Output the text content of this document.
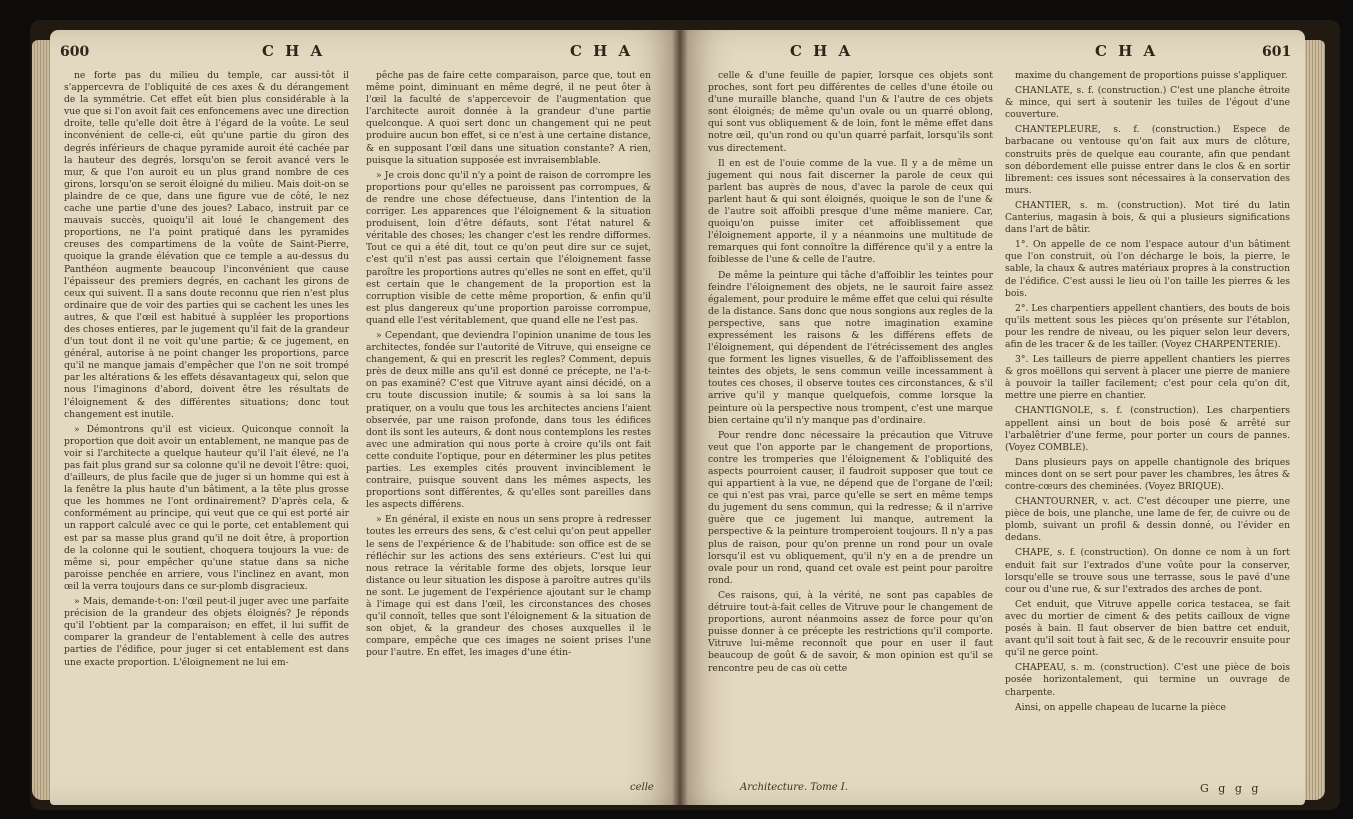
600	C H A	C H A

ne forte pas du milieu du temple, car aussi-tôt il s'appercevra de l'obliquité de ces axes & du dérangement de la symmétrie. Cet effet eût bien plus considérable à la vue que si l'on avoit fait ces enfoncemens avec une direction droite, telle qu'elle doit être à l'égard de la voûte. Le seul inconvénient de celle-ci, eût qu'une partie du giron des degrés inférieurs de chaque pyramide auroit été cachée par la hauteur des degrés, lorsqu'on se feroit avancé vers le mur, & que l'on auroit eu un plus grand nombre de ces girons, lorsqu'on se seroit éloigné du milieu. Mais doit-on se plaindre de ce que, dans une figure vue de côté, le nez cache une partie d'une des joues? Labaco, instruit par ce mauvais succès, quoiqu'il ait loué le changement des proportions, ne l'a point pratiqué dans les pyramides creuses des compartimens de la voûte de Saint-Pierre, quoique la grande élévation que ce temple a au-dessus du Panthéon augmente beaucoup l'inconvénient que cause l'épaisseur des premiers degrés, en cachant les girons de ceux qui suivent. Il a sans doute reconnu que rien n'est plus ordinaire que de voir des parties qui se cachent les unes les autres, & que l'œil est habitué à suppléer les proportions des choses entieres, par le jugement qu'il fait de la grandeur d'un tout dont il ne voit qu'une partie; & ce jugement, en général, autorise à ne point changer les proportions, parce qu'il ne manque jamais d'empêcher que l'on ne soit trompé par les altérations & les effets désavantageux qui, selon que nous l'imaginons d'abord, doivent être les résultats de l'éloignement & des différentes situations; donc tout changement est inutile.

» Démontrons qu'il est vicieux. Quiconque connoît la proportion que doit avoir un entablement, ne manque pas de voir si l'architecte a quelque hauteur qu'il l'ait élevé, ne l'a pas fait plus grand sur sa colonne qu'il ne devoit l'être: quoi, d'ailleurs, de plus facile que de juger si un homme qui est à la fenêtre la plus haute d'un bâtiment, a la tête plus grosse que les hommes ne l'ont ordinairement? D'après cela, & conformément au principe, qui veut que ce qui est porté air un rapport calculé avec ce qui le porte, cet entablement qui est par sa masse plus grand qu'il ne doit être, à proportion de la colonne qui le soutient, choquera toujours la vue: de même si, pour empêcher qu'une statue dans sa niche paroisse penchée en arriere, vous l'inclinez en avant, mon œil la verra toujours dans ce sur-plomb disgracieux.

» Mais, demande-t-on: l'œil peut-il juger avec une parfaite précision de la grandeur des objets éloignés? Je réponds qu'il l'obtient par la comparaison; en effet, il lui suffit de comparer la grandeur de l'entablement à celle des autres parties de l'édifice, pour juger si cet entablement est dans une exacte proportion. L'éloignement ne lui em-

pêche pas de faire cette comparaison, parce que, tout en même point, diminuant en même degré, il ne peut ôter à l'œil la faculté de s'appercevoir de l'augmentation que l'architecte auroit donnée à la grandeur d'une partie quelconque. A quoi sert donc un changement qui ne peut produire aucun bon effet, si ce n'est à une certaine distance, & en supposant l'œil dans une situation constante? A rien, puisque la situation supposée est invraisemblable.

» Je crois donc qu'il n'y a point de raison de corrompre les proportions pour qu'elles ne paroissent pas corrompues, & de rendre une chose défectueuse, dans l'intention de la corriger. Les apparences que l'éloignement & la situation produisent, loin d'être défauts, sont l'état naturel & véritable des choses; les changer c'est les rendre difformes. Tout ce qui a été dit, tout ce qu'on peut dire sur ce sujet, c'est qu'il n'est pas aussi certain que l'éloignement fasse paroître les proportions autres qu'elles ne sont en effet, qu'il est certain que le changement de la proportion est la corruption visible de cette même proportion, & enfin qu'il est plus dangereux qu'une proportion paroisse corrompue, quand elle l'est véritablement, que quand elle ne l'est pas.

» Cependant, que deviendra l'opinion unanime de tous les architectes, fondée sur l'autorité de Vitruve, qui enseigne ce changement, & qui en prescrit les regles? Comment, depuis près de deux mille ans qu'il est donné ce précepte, ne l'a-t-on pas examiné? C'est que Vitruve ayant ainsi décidé, on a cru toute discussion inutile; & soumis à sa loi sans la pratiquer, on a voulu que tous les architectes anciens l'aient observée, par une raison profonde, dans tous les édifices dont ils sont les auteurs, & dont nous contemplons les restes avec une admiration qui nous porte à croire qu'ils ont fait cette conduite l'optique, pour en déterminer les plus petites parties. Les exemples cités prouvent invinciblement le contraire, puisque souvent dans les mêmes aspects, les proportions sont différentes, & qu'elles sont pareilles dans les aspects différens.

» En général, il existe en nous un sens propre à redresser toutes les erreurs des sens, & c'est celui qu'on peut appeller le sens de l'expérience & de l'habitude: son office est de se réfléchir sur les actions des sens extérieurs. C'est lui qui nous retrace la véritable forme des objets, lorsque leur distance ou leur situation les dispose à paroître autres qu'ils ne sont. Le jugement de l'expérience ajoutant sur le champ à l'image qui est dans l'œil, les circonstances des choses qu'il connoît, telles que sont l'éloignement & la situation de son objet, & la grandeur des choses auxquelles il le compare, empêche que ces images ne soient prises l'une pour l'autre. En effet, les images d'une étin-

celle
C H A	C H A	601

celle & d'une feuille de papier, lorsque ces objets sont proches, sont fort peu différentes de celles d'une étoile ou d'une muraille blanche, quand l'un & l'autre de ces objets sont éloignés; de même qu'un ovale ou un quarré oblong, qui sont vus obliquement & de loin, font le même effet dans notre œil, qu'un rond ou qu'un quarré parfait, lorsqu'ils sont vus directement.

Il en est de l'ouie comme de la vue. Il y a de même un jugement qui nous fait discerner la parole de ceux qui parlent bas auprès de nous, d'avec la parole de ceux qui parlent haut & qui sont éloignés, quoique le son de l'une & de l'autre soit affoibli presque d'une même maniere. Car, quoiqu'on puisse imiter cet affoiblissement que l'éloignement apporte, il y a néanmoins une multitude de remarques qui font connoître la différence qu'il y a entre la foiblesse de l'une & celle de l'autre.

De même la peinture qui tâche d'affoiblir les teintes pour feindre l'éloignement des objets, ne le sauroit faire assez également, pour produire le même effet que celui qui résulte de la distance. Sans donc que nous songions aux regles de la perspective, sans que notre imagination examine expressément les raisons & les différens effets de l'éloignement, qui dépendent de l'étrécissement des angles que forment les lignes visuelles, & de l'affoiblissement des teintes des objets, le sens commun veille incessamment à toutes ces choses, il observe toutes ces circonstances, & s'il arrive qu'il y manque quelquefois, comme lorsque la peinture où la perspective nous trompent, c'est une marque bien certaine qu'il n'y manque pas d'ordinaire.

Pour rendre donc nécessaire la précaution que Vitruve veut que l'on apporte par le changement de proportions, contre les tromperies que l'éloignement & l'obliquité des aspects pourroient causer, il faudroit supposer que tout ce qui appartient à la vue, ne dépend que de l'organe de l'œil; ce qui n'est pas vrai, parce qu'elle se sert en même temps du jugement du sens commun, qui la redresse; & il n'arrive guère que ce jugement lui manque, autrement la perspective & la peinture tromperoient toujours. Il n'y a pas plus de raison, pour qu'on prenne un rond pour un ovale lorsqu'il est vu obliquement, qu'il n'y en a de prendre un ovale pour un rond, quand cet ovale est peint pour paroître rond.

Ces raisons, qui, à la vérité, ne sont pas capables de détruire tout-à-fait celles de Vitruve pour le changement de proportions, auront néanmoins assez de force pour qu'on puisse donner à ce précepte les restrictions qu'il comporte. Vitruve lui-même reconnoît que pour en user il faut beaucoup de goût & de savoir, & mon opinion est qu'il se rencontre peu de cas où cette

maxime du changement de proportions puisse s'appliquer.

CHANLATE, s. f. (construction.) C'est une planche étroite & mince, qui sert à soutenir les tuiles de l'égout d'une couverture.

CHANTEPLEURE, s. f. (construction.) Espece de barbacane ou ventouse qu'on fait aux murs de clôture, construits près de quelque eau courante, afin que pendant son débordement elle puisse entrer dans le clos & en sortir librement: ces issues sont nécessaires à la conservation des murs.

CHANTIER, s. m. (construction). Mot tiré du latin Canterius, magasin à bois, & qui a plusieurs significations dans l'art de bâtir.

1°. On appelle de ce nom l'espace autour d'un bâtiment que l'on construit, où l'on décharge le bois, la pierre, le sable, la chaux & autres matériaux propres à la construction de l'édifice. C'est aussi le lieu où l'on taille les pierres & les bois.

2°. Les charpentiers appellent chantiers, des bouts de bois qu'ils mettent sous les pièces qu'on présente sur l'établon, pour les rendre de niveau, ou les piquer selon leur devers, afin de les tracer & de les tailler. (Voyez CHARPENTERIE).

3°. Les tailleurs de pierre appellent chantiers les pierres & gros moëllons qui servent à placer une pierre de maniere à pouvoir la tailler facilement; c'est pour cela qu'on dit, mettre une pierre en chantier.

CHANTIGNOLE, s. f. (construction). Les charpentiers appellent ainsi un bout de bois posé & arrêté sur l'arbalêtrier d'une ferme, pour porter un cours de pannes. (Voyez COMBLE).

Dans plusieurs pays on appelle chantignole des briques minces dont on se sert pour paver les chambres, les âtres & contre-cœurs des cheminées. (Voyez BRIQUE).

CHANTOURNER, v. act. C'est découper une pierre, une pièce de bois, une planche, une lame de fer, de cuivre ou de plomb, suivant un profil & dessin donné, ou l'évider en dedans.

CHAPE, s. f. (construction). On donne ce nom à un fort enduit fait sur l'extrados d'une voûte pour la conserver, lorsqu'elle se trouve sous une terrasse, sous le pavé d'une cour ou d'une rue, & sur l'extrados des arches de pont.

Cet enduit, que Vitruve appelle corica testacea, se fait avec du mortier de ciment & des petits cailloux de vigne posés à bain. Il faut observer de bien battre cet enduit, avant qu'il soit tout à fait sec, & de le recouvrir ensuite pour qu'il ne gerce point.

CHAPEAU, s. m. (construction). C'est une pièce de bois posée horizontalement, qui termine un ouvrage de charpente.

Ainsi, on appelle chapeau de lucarne la pièce

Architecture. Tome I.	G g g g
